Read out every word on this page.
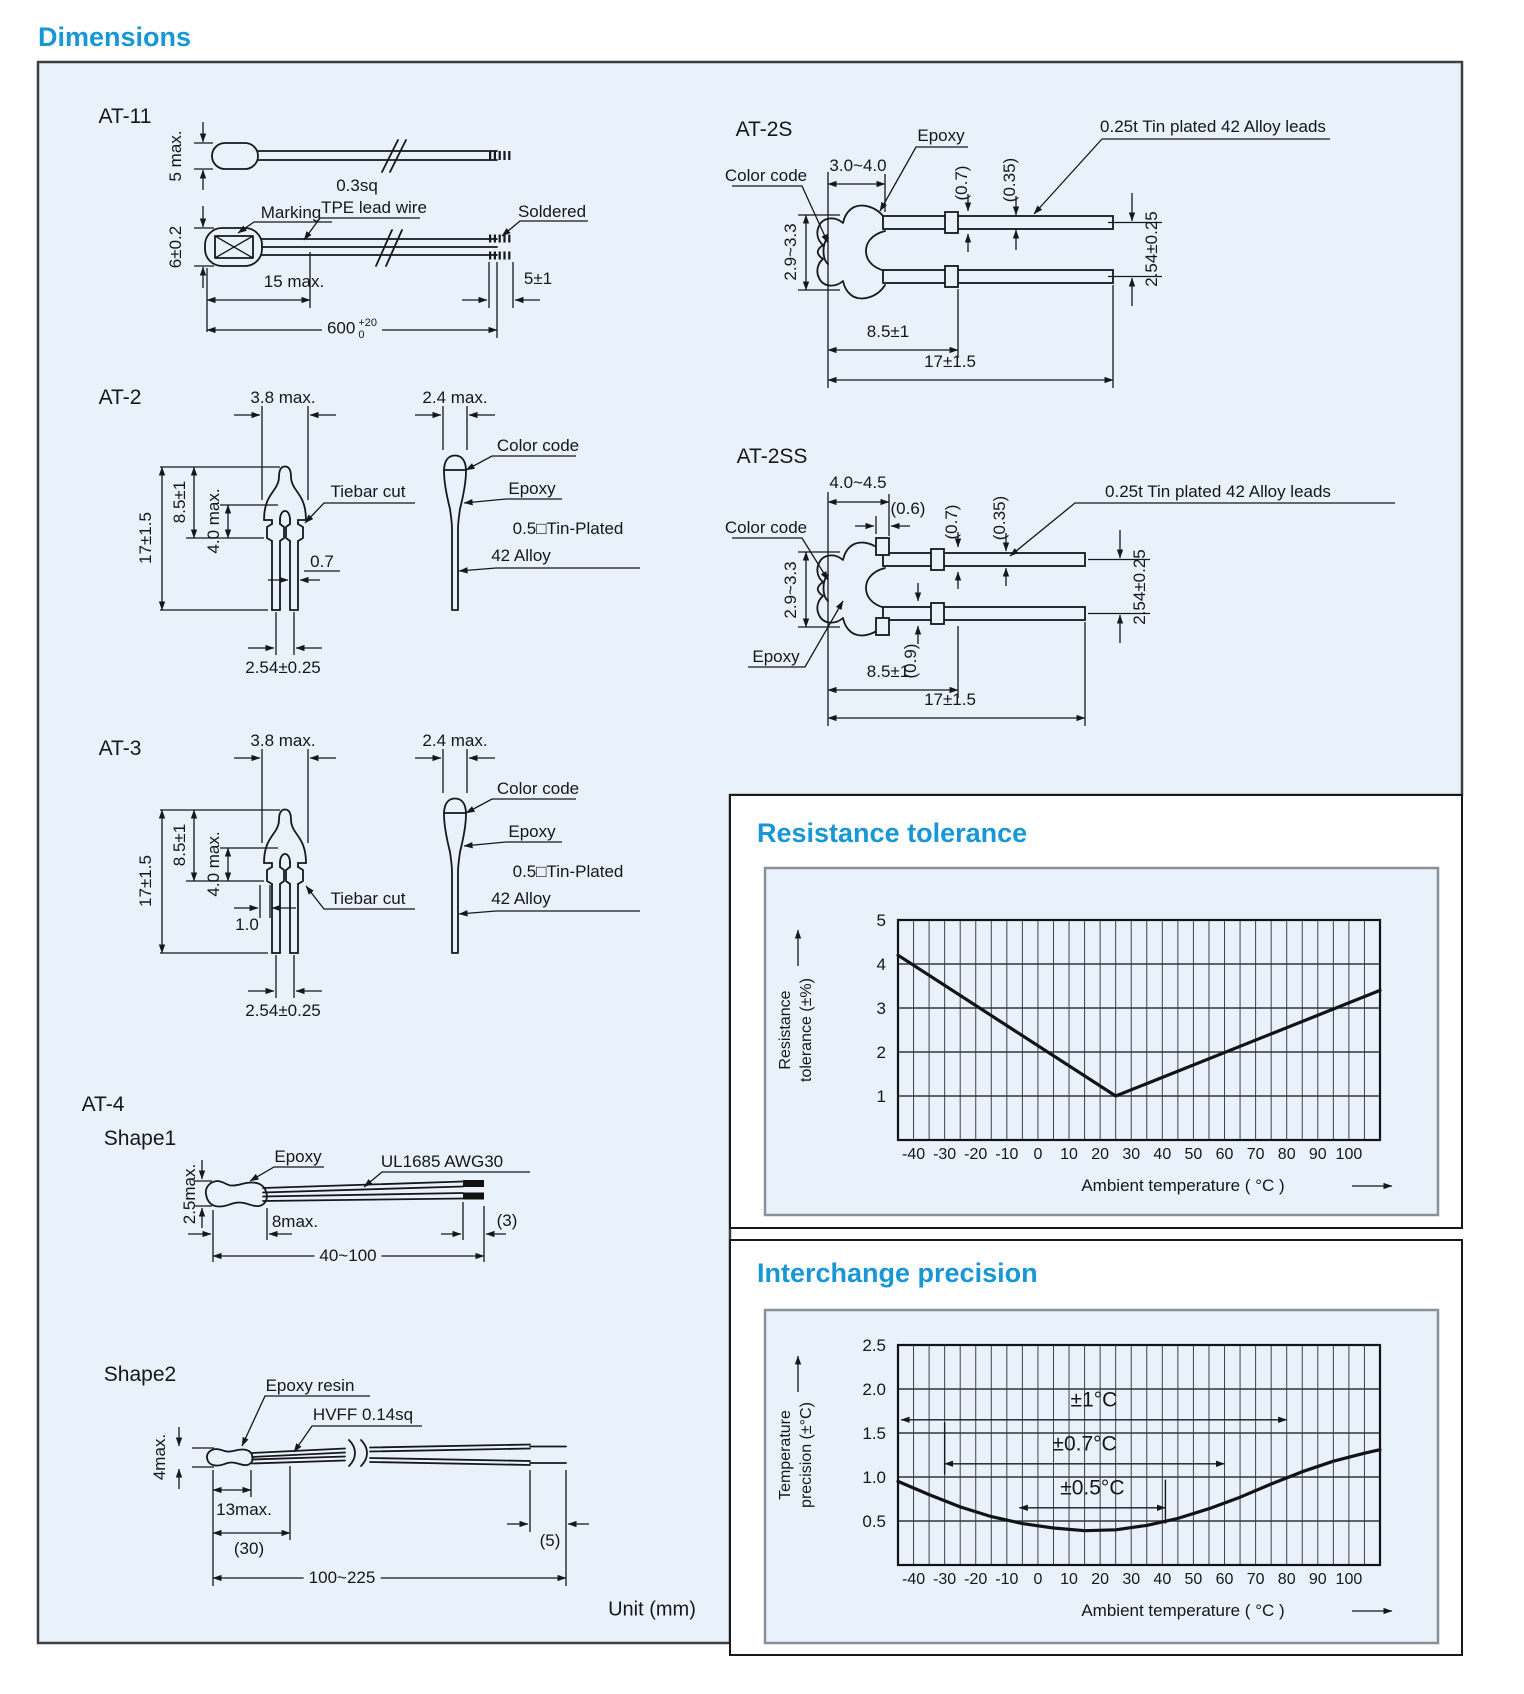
1
2
3
4
5
-40 -30 -20 -10 0 10 20 30 40 50 60 70 80 90 100
0.5
1.0
1.5
2.0
2.5
-40 -30 -20 -10 0 10 20 30 40 50 60 70 80 90 100
±1°C
±0.7°C
±0.5°C
Dimensions
AT-11
5 max.
Marking
0.3sq
TPE lead wire	Soldered
6±0.2
15 max.	5±1
600 +20
0
AT-2	3.8 max.
17±1.5
8.5±1 4.0 max.
0.7
2.54±0.25
Tiebar cut
2.4 max.
Color code
Epoxy
0.5□Tin-Plated
42 Alloy
AT-3	3.8 max.
17±1.5
8.5±1 4.0 max.
1.0
2.54±0.25
Tiebar cut
2.4 max.
Color code
Epoxy
0.5□Tin-Plated
42 Alloy
AT-4
Shape1
Epoxy	UL1685 AWG30
2.5max.	8max.	(3)
40~100
Shape2	Epoxy resin
HVFF 0.14sq
4max.
13max.
(30)	(5)
100~225
Unit (mm)
AT-2S	Epoxy	0.25t Tin plated 42 Alloy leads
Color code
3.0~4.0
2.9~3.3
(0.7) (0.35)
2.54±0.25
8.5±1
17±1.5
AT-2SS
4.0~4.5
(0.6)
0.25t Tin plated 42 Alloy leads
Color code
2.9~3.3
Epoxy	(0.9)
(0.7) (0.35)
2.54±0.25
8.5±1
17±1.5
Resistance tolerance
Resistance tolerance (±%)
Ambient temperature ( °C )
Interchange precision
Temperature precision (±°C)
Ambient temperature ( °C )
